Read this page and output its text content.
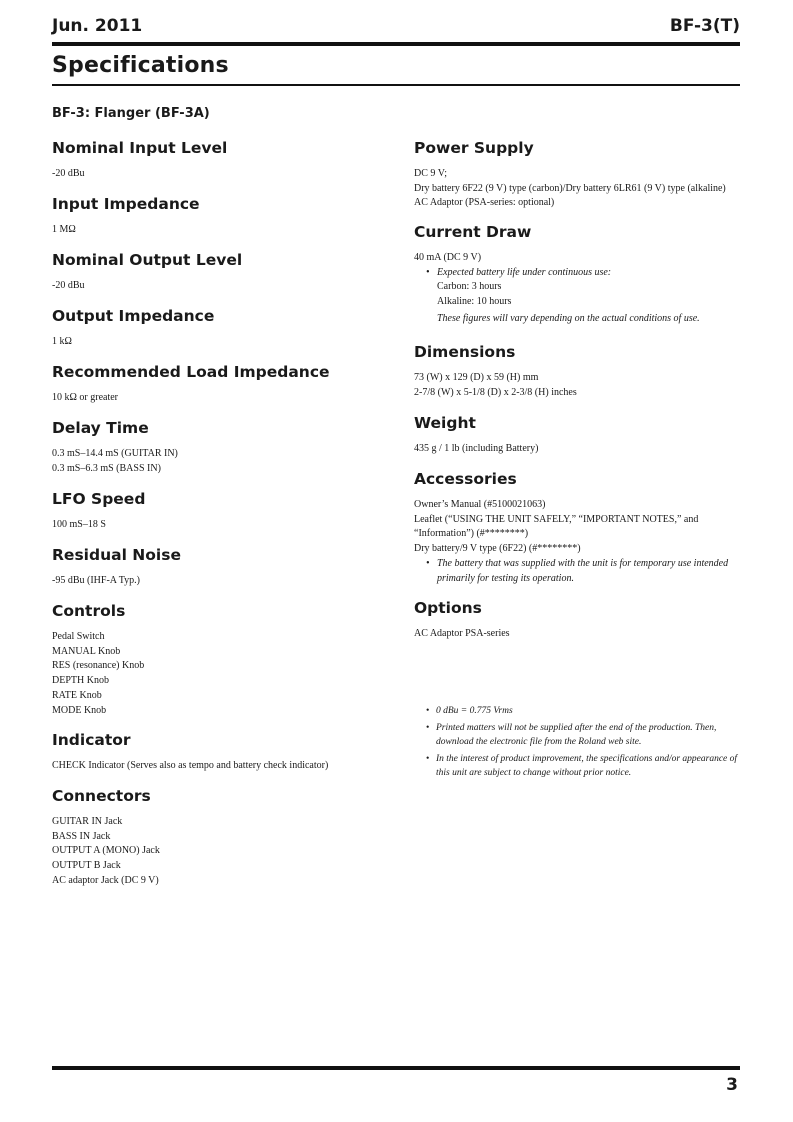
Jun. 2011	BF-3(T)
Specifications
BF-3: Flanger (BF-3A)
Nominal Input Level
-20 dBu
Input Impedance
1 MΩ
Nominal Output Level
-20 dBu
Output Impedance
1 kΩ
Recommended Load Impedance
10 kΩ or greater
Delay Time
0.3 mS–14.4 mS (GUITAR IN)
0.3 mS–6.3 mS (BASS IN)
LFO Speed
100 mS–18 S
Residual Noise
-95 dBu (IHF-A Typ.)
Controls
Pedal Switch
MANUAL Knob
RES (resonance) Knob
DEPTH Knob
RATE Knob
MODE Knob
Indicator
CHECK Indicator (Serves also as tempo and battery check indicator)
Connectors
GUITAR IN Jack
BASS IN Jack
OUTPUT A (MONO) Jack
OUTPUT B Jack
AC adaptor Jack (DC 9 V)
Power Supply
DC 9 V;
Dry battery 6F22 (9 V) type (carbon)/Dry battery 6LR61 (9 V) type (alkaline)
AC Adaptor (PSA-series: optional)
Current Draw
40 mA (DC 9 V)
• Expected battery life under continuous use:
Carbon: 3 hours
Alkaline: 10 hours
These figures will vary depending on the actual conditions of use.
Dimensions
73 (W) x 129 (D) x 59 (H) mm
2-7/8 (W) x 5-1/8 (D) x 2-3/8 (H) inches
Weight
435 g / 1 lb (including Battery)
Accessories
Owner’s Manual (#5100021063)
Leaflet (“USING THE UNIT SAFELY,” “IMPORTANT NOTES,” and
“Information”) (#********)
Dry battery/9 V type (6F22) (#********)
• The battery that was supplied with the unit is for temporary use intended
primarily for testing its operation.
Options
AC Adaptor PSA-series
• 0 dBu = 0.775 Vrms
• Printed matters will not be supplied after the end of the production. Then,
download the electronic file from the Roland web site.
• In the interest of product improvement, the specifications and/or appearance of
this unit are subject to change without prior notice.
3
